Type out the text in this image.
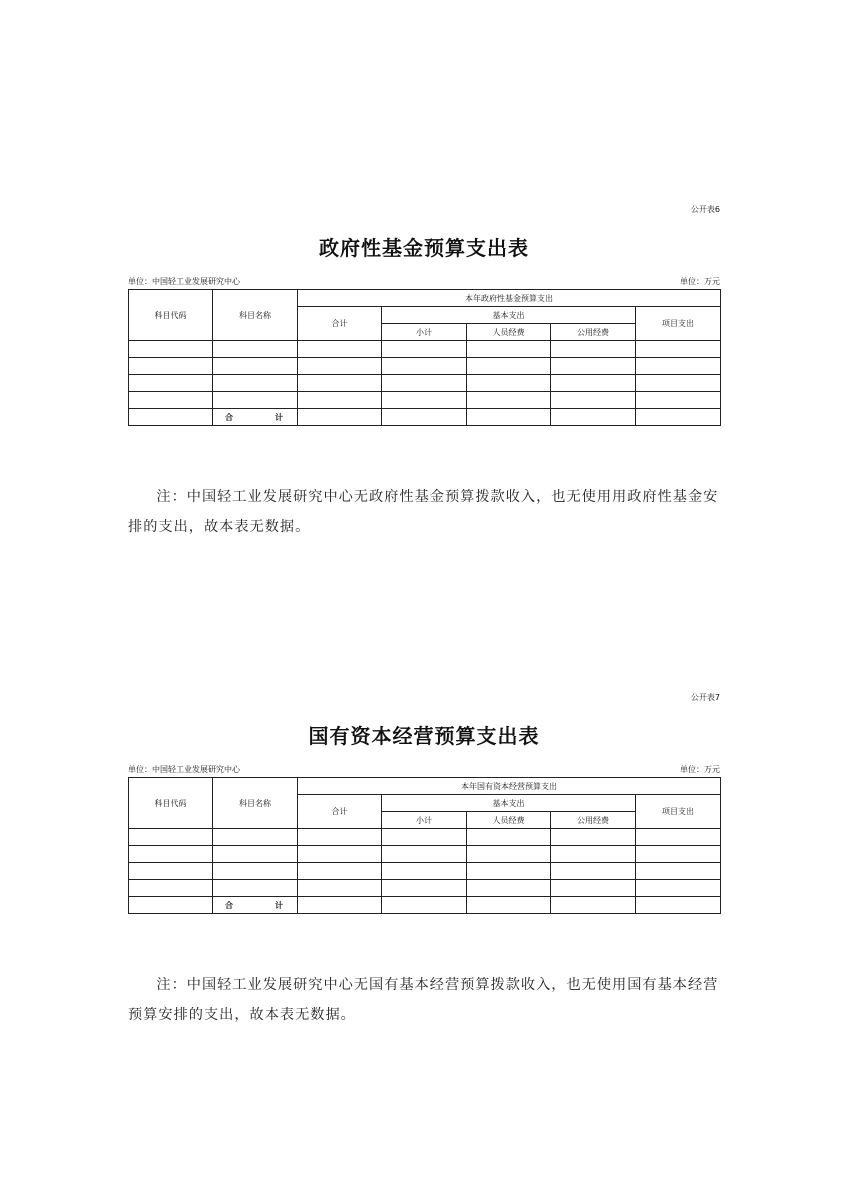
公开表6
政府性基金预算支出表
单位：中国轻工业发展研究中心	单位：万元
科目代码	科目名称	本年政府性基金预算支出				
		合计	基本支出			项目支出
			小计	人员经费	公用经费	

	合 计					

注：中国轻工业发展研究中心无政府性基金预算拨款收入，也无使用用政府性基金安排的支出，故本表无数据。
公开表7
国有资本经营预算支出表
单位：中国轻工业发展研究中心	单位：万元
科目代码	科目名称	本年国有资本经营预算支出				
		合计	基本支出			项目支出
			小计	人员经费	公用经费	

	合 计					

注：中国轻工业发展研究中心无国有基本经营预算拨款收入，也无使用国有基本经营预算安排的支出，故本表无数据。
